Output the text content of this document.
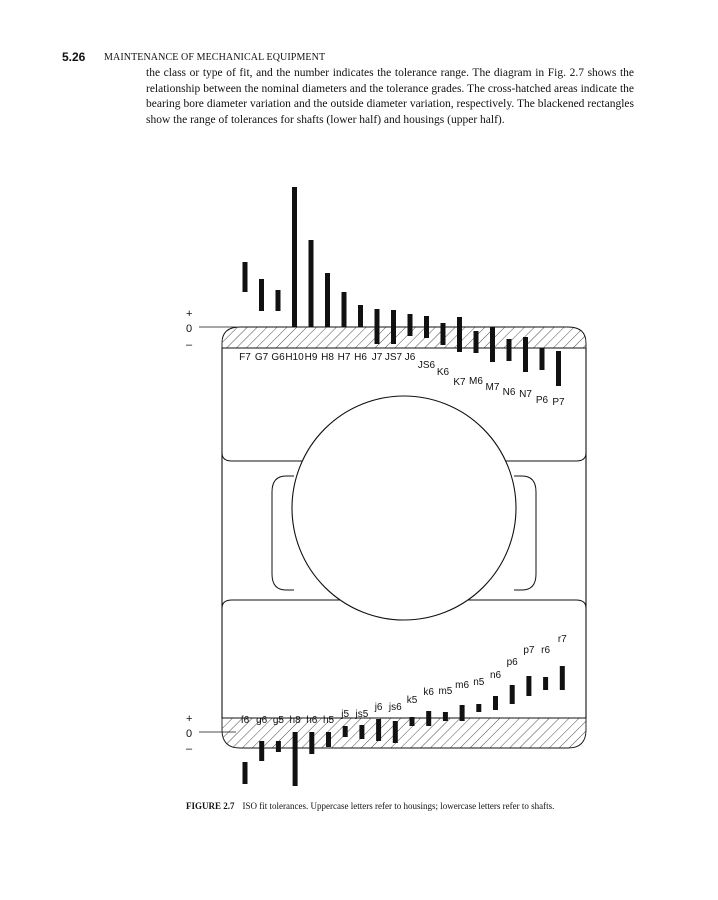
5.26 MAINTENANCE OF MECHANICAL EQUIPMENT

the class or type of fit, and the number indicates the tolerance range. The diagram in Fig. 2.7 shows the relationship between the nominal diameters and the tolerance grades. The cross-hatched areas indicate the bearing bore diameter variation and the outside diameter variation, respectively. The blackened rectangles show the range of tolerances for shafts (lower half) and housings (upper half).

+
0
–
+
0
–
F7 G7 G6 H10 H9 H8 H7 H6 J7 JS7 J6
JS6
K6
K7 M6
M7 N6 N7
P6 P7
f6 g6 g5 h8 h6 h5
j5 js5
j6 js6
k5
k6 m5
m6 n5
n6
p6
p7 r6
r7
FIGURE 2.7 ISO fit tolerances. Uppercase letters refer to housings; lowercase letters refer to shafts.
